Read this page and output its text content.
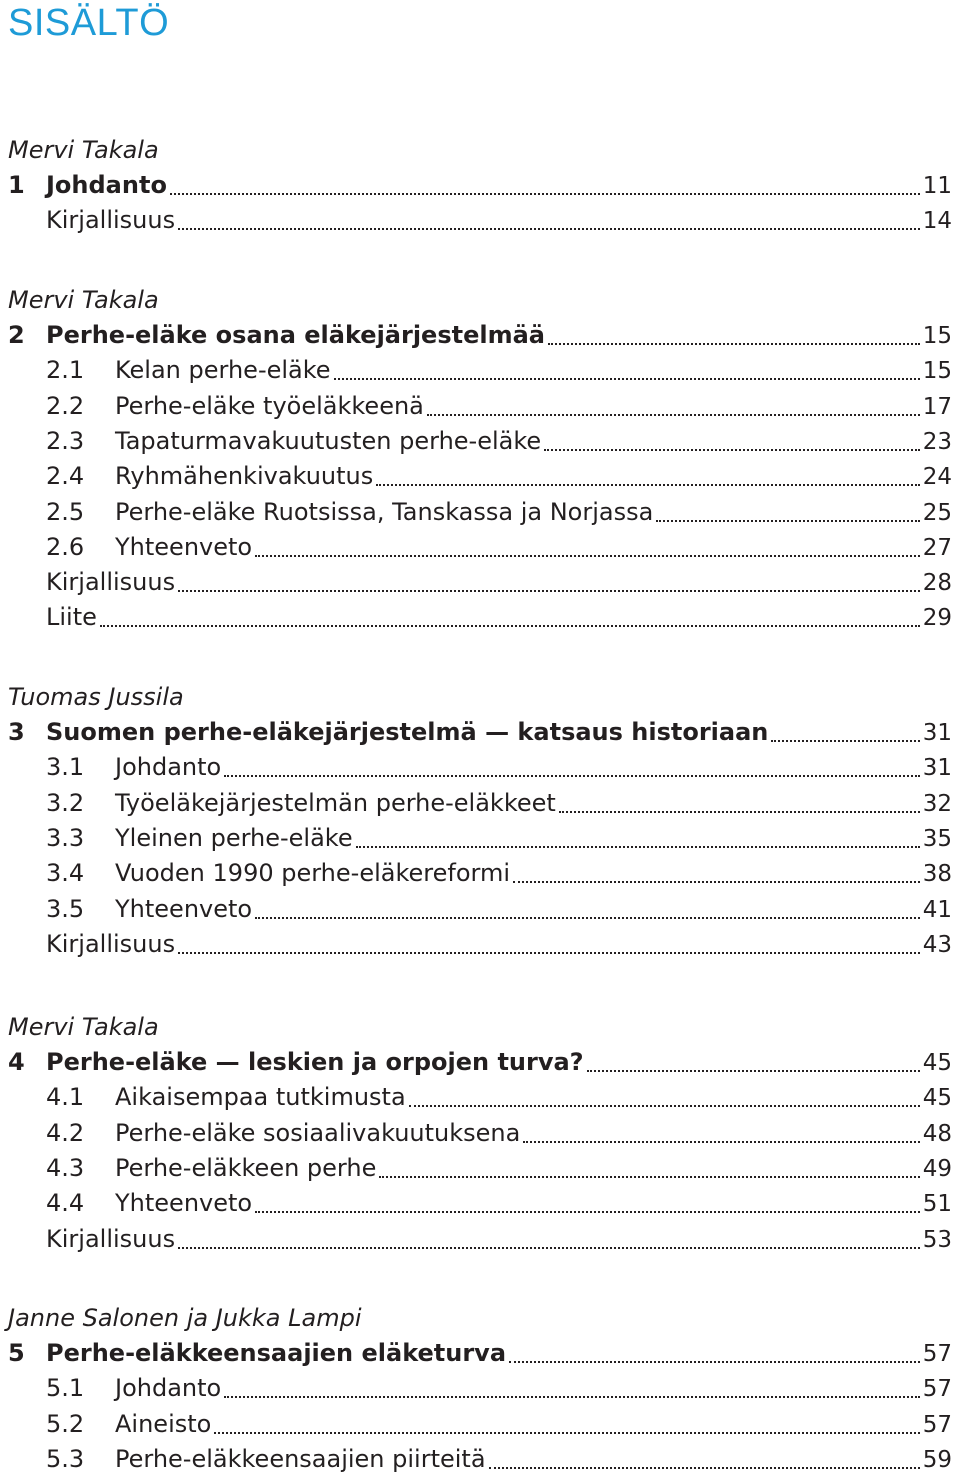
SISÄLTÖ
Mervi Takala
1 Johdanto	11
Kirjallisuus	14
Mervi Takala
2 Perhe-eläke osana eläkejärjestelmää	15
2.1	Kelan perhe-eläke	15
2.2	Perhe-eläke työeläkkeenä	17
2.3	Tapaturmavakuutusten perhe-eläke	23
2.4	Ryhmähenkivakuutus	24
2.5	Perhe-eläke Ruotsissa, Tanskassa ja Norjassa	25
2.6	Yhteenveto	27
Kirjallisuus	28
Liite	29
Tuomas Jussila
3 Suomen perhe-eläkejärjestelmä — katsaus historiaan	31
3.1	Johdanto	31
3.2	Työeläkejärjestelmän perhe-eläkkeet	32
3.3	Yleinen perhe-eläke	35
3.4	Vuoden 1990 perhe-eläkereformi	38
3.5	Yhteenveto	41
Kirjallisuus	43
Mervi Takala
4 Perhe-eläke — leskien ja orpojen turva?	45
4.1	Aikaisempaa tutkimusta	45
4.2	Perhe-eläke sosiaalivakuutuksena	48
4.3	Perhe-eläkkeen perhe	49
4.4	Yhteenveto	51
Kirjallisuus	53
Janne Salonen ja Jukka Lampi
5 Perhe-eläkkeensaajien eläketurva	57
5.1	Johdanto	57
5.2	Aineisto	57
5.3	Perhe-eläkkeensaajien piirteitä	59
